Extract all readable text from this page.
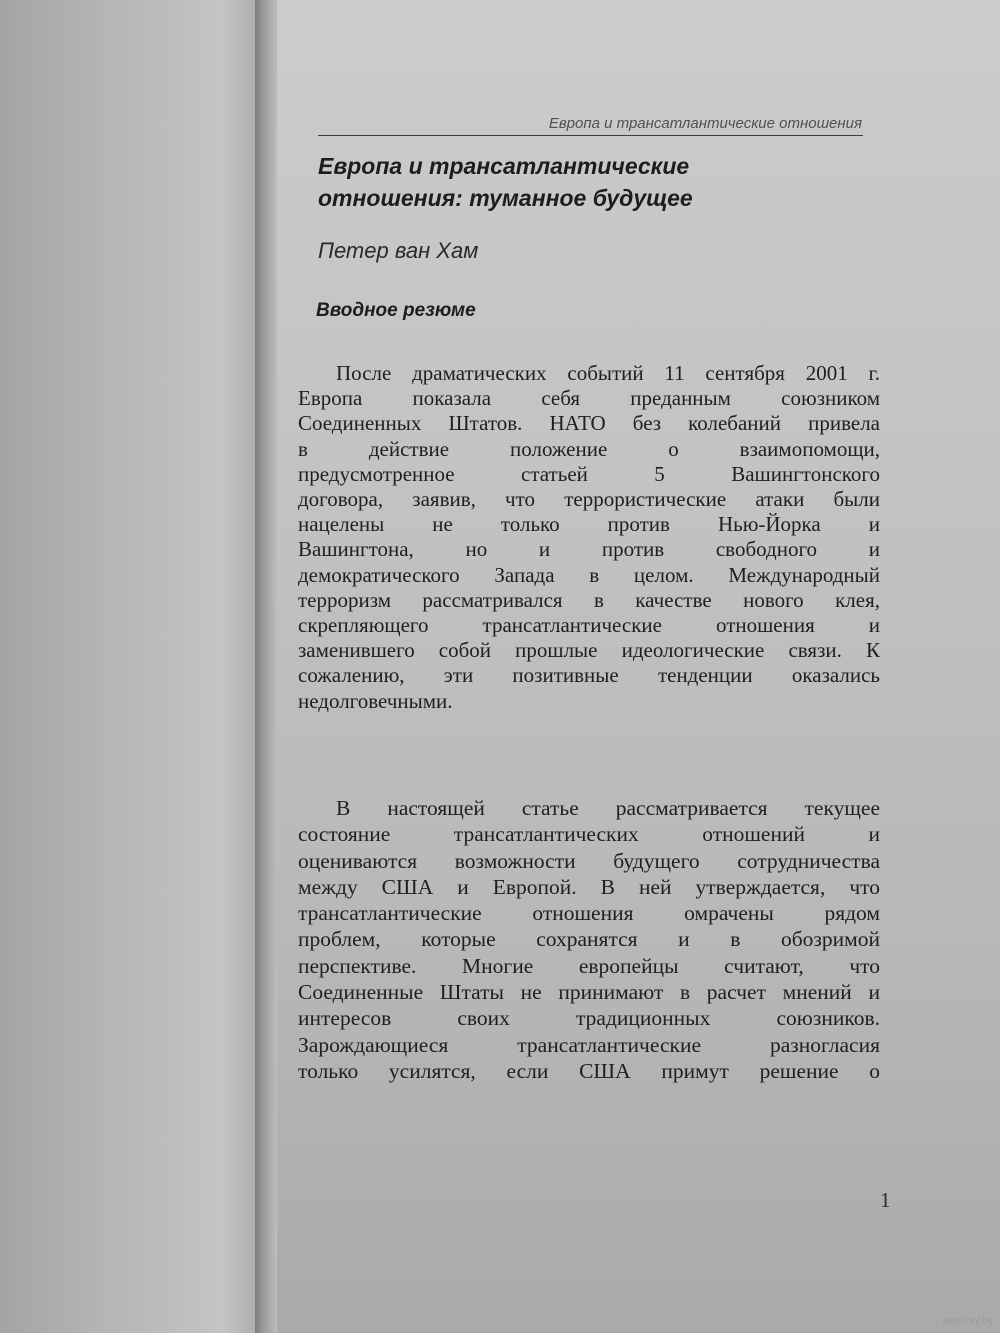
Европа и трансатлантические отношения
Европа и трансатлантические
отношения: туманное будущее
Петер ван Хам
Вводное резюме
После драматических событий 11 сентября 2001 г.
Европа показала себя преданным союзником
Соединенных Штатов. НАТО без колебаний привела
в действие положение о взаимопомощи,
предусмотренное статьей 5 Вашингтонского
договора, заявив, что террористические атаки были
нацелены не только против Нью-Йорка и
Вашингтона, но и против свободного и
демократического Запада в целом. Международный
терроризм рассматривался в качестве нового клея,
скрепляющего трансатлантические отношения и
заменившего собой прошлые идеологические связи. К
сожалению, эти позитивные тенденции оказались
недолговечными.
В настоящей статье рассматривается текущее
состояние трансатлантических отношений и
оцениваются возможности будущего сотрудничества
между США и Европой. В ней утверждается, что
трансатлантические отношения омрачены рядом
проблем, которые сохранятся и в обозримой
перспективе. Многие европейцы считают, что
Соединенные Штаты не принимают в расчет мнений и
интересов своих традиционных союзников.
Зарождающиеся трансатлантические разногласия
только усилятся, если США примут решение о
1
www.ay.by
